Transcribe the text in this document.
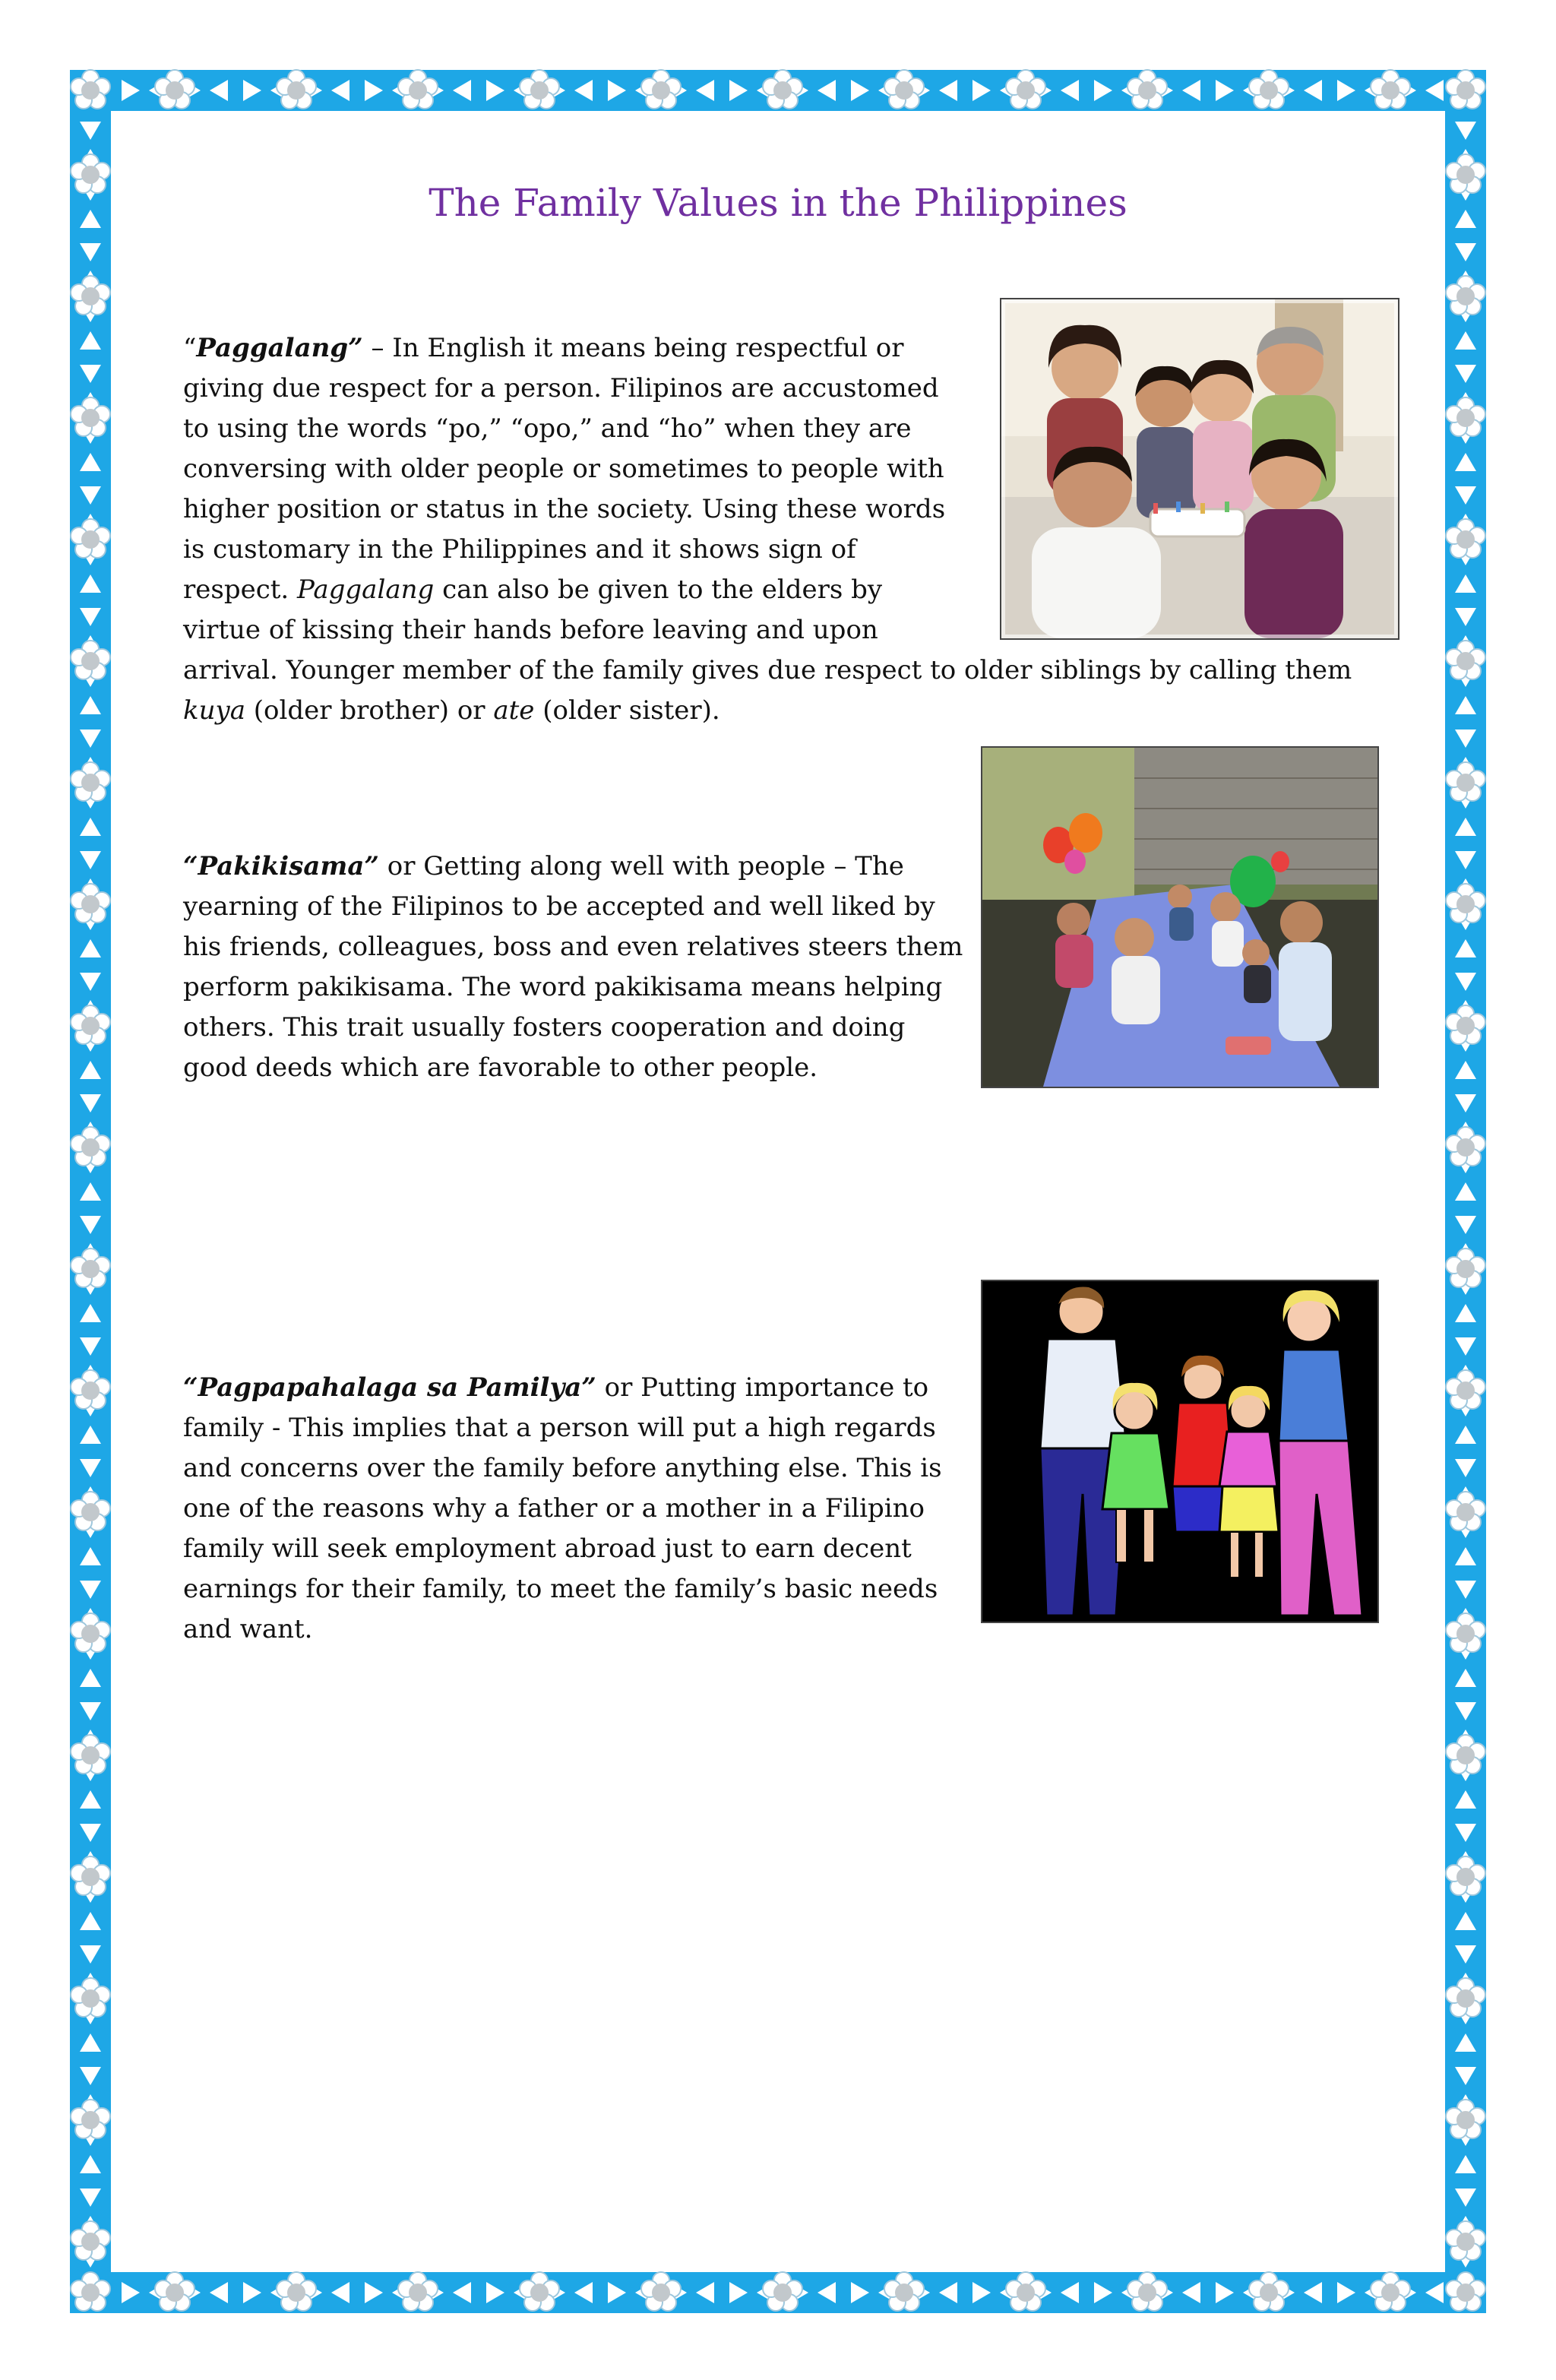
The Family Values in the Philippines

“Paggalang” – In English it means being respectful or giving due respect for a person. Filipinos are accustomed to using the words “po,” “opo,” and “ho” when they are conversing with older people or sometimes to people with higher position or status in the society. Using these words is customary in the Philippines and it shows sign of respect. Paggalang can also be given to the elders by virtue of kissing their hands before leaving and upon arrival. Younger member of the family gives due respect to older siblings by calling them kuya (older brother) or ate (older sister).

“Pakikisama” or Getting along well with people – The yearning of the Filipinos to be accepted and well liked by his friends, colleagues, boss and even relatives steers them perform pakikisama. The word pakikisama means helping others. This trait usually fosters cooperation and doing good deeds which are favorable to other people.

“Pagpapahalaga sa Pamilya” or Putting importance to family - This implies that a person will put a high regards and concerns over the family before anything else. This is one of the reasons why a father or a mother in a Filipino family will seek employment abroad just to earn decent earnings for their family, to meet the family’s basic needs and want.
